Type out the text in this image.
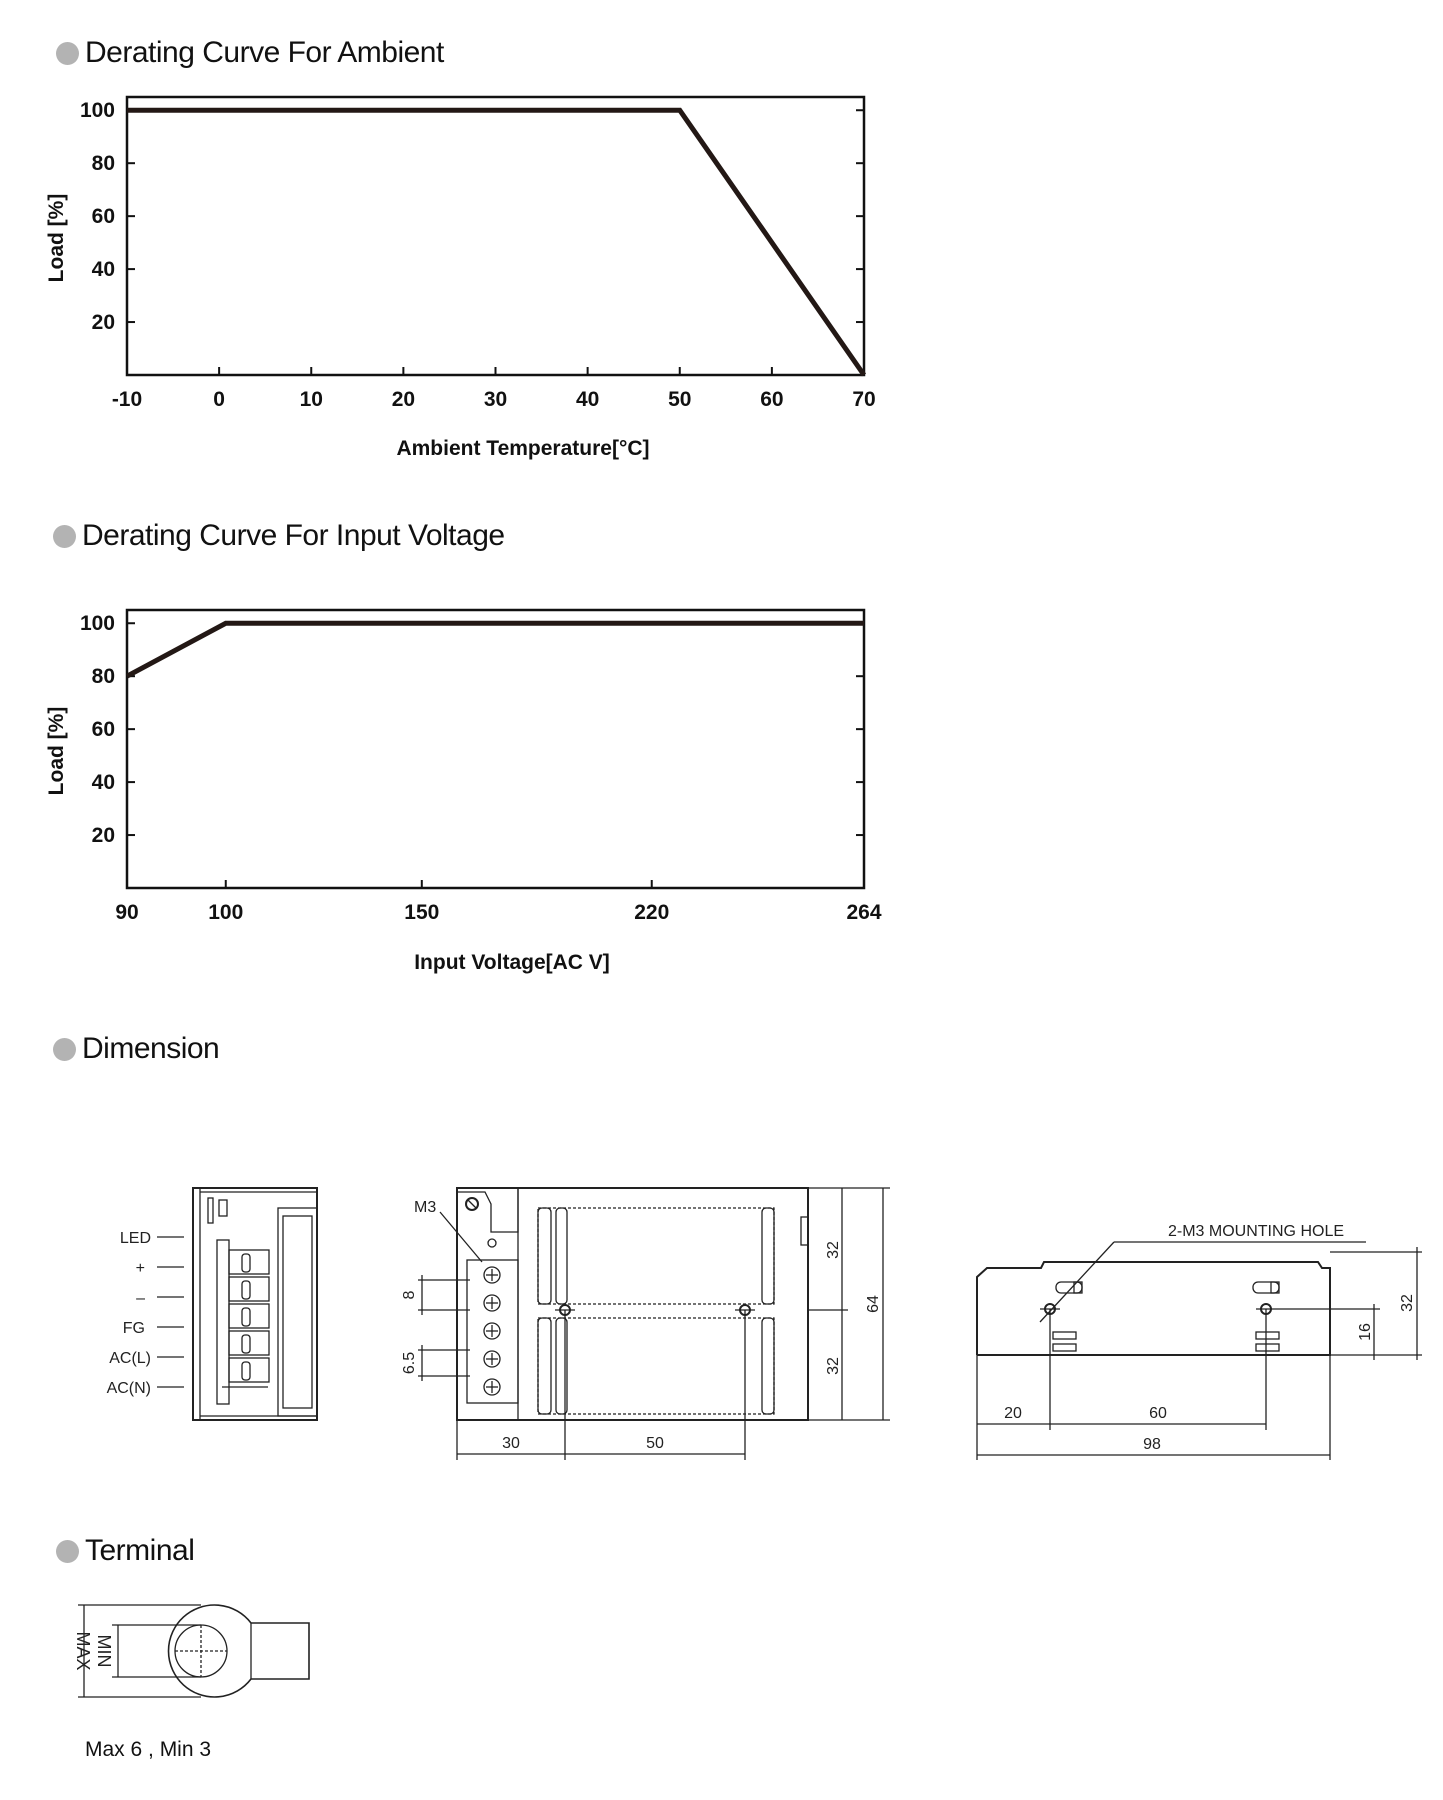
Derating Curve For Ambient
Derating Curve For Input Voltage
Dimension
Terminal
100
80
60
40
20
-10	0	10	20	30	40	50	60	70
Load [%]
Ambient Temperature[°C]
100
80
60
40
20
90	100	150	220	264
Load [%]
Input Voltage[AC V]
LED
+
–
FG
AC(L)
AC(N)
M3
8
6.5
32
32
64
30	50
2-M3 MOUNTING HOLE
20	60
98
16
32
MAX MIN
Max 6 , Min 3
